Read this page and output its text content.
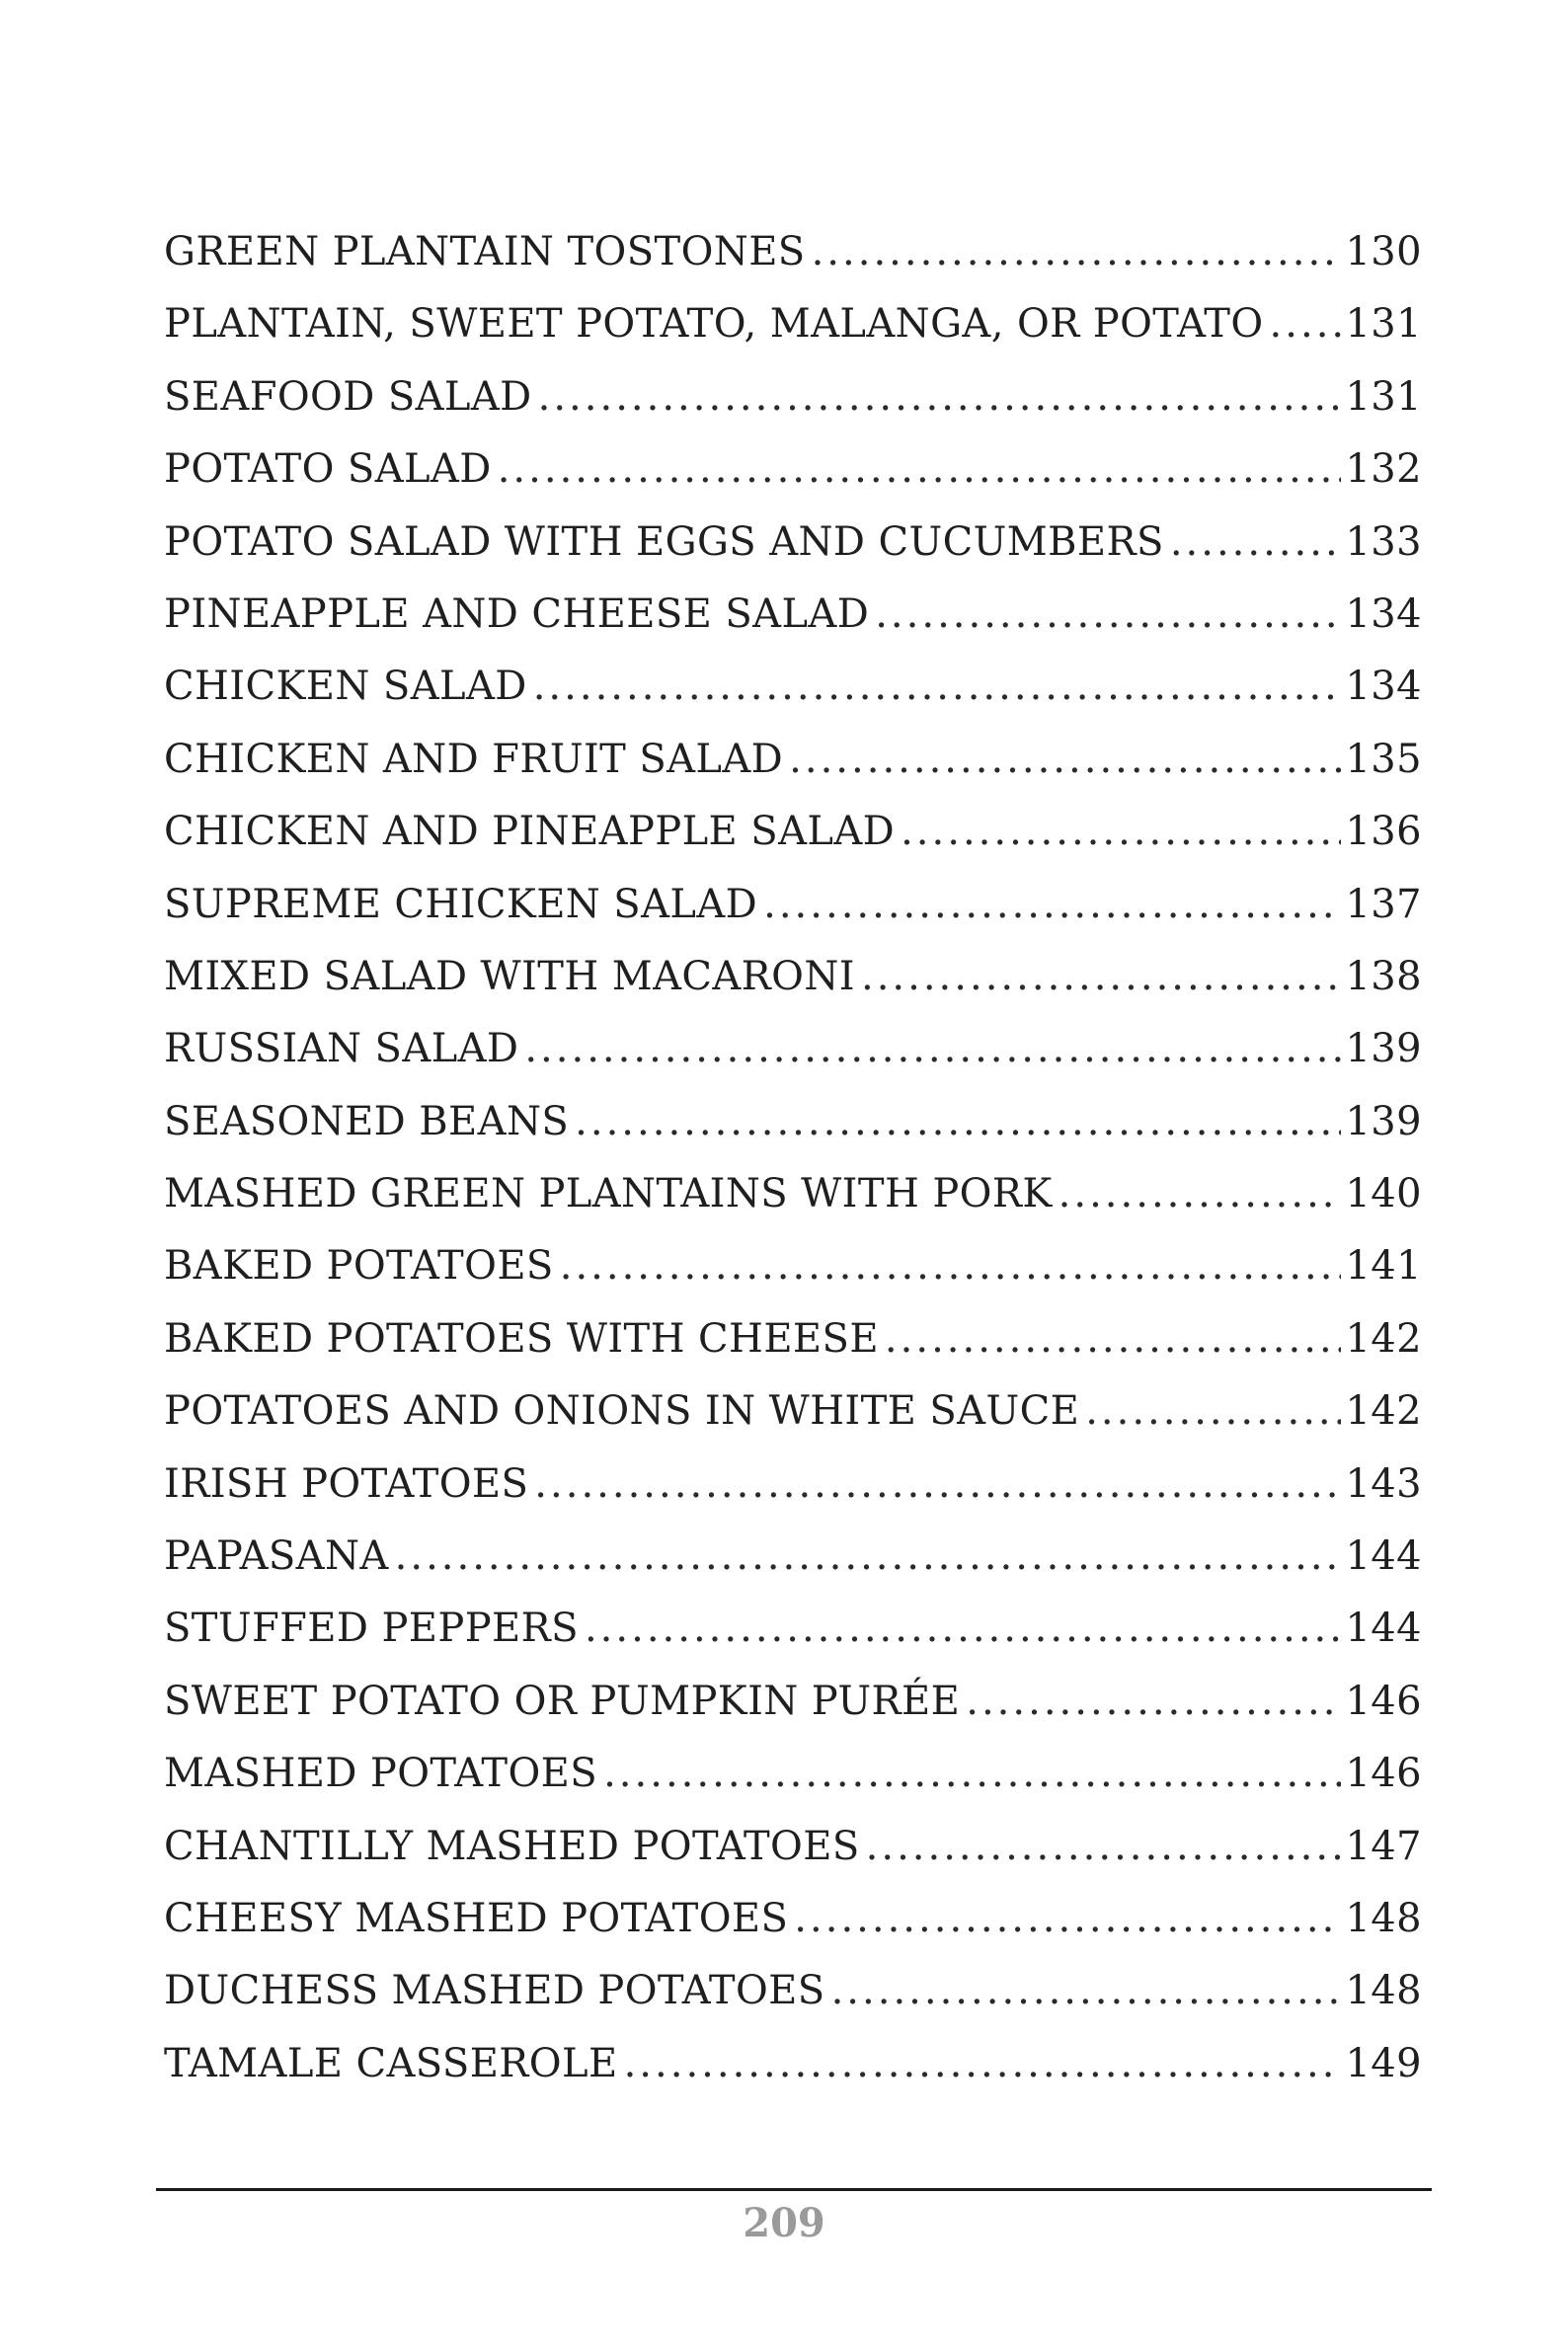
GREEN PLANTAIN TOSTONES .....	130
PLANTAIN, SWEET POTATO, MALANGA, OR POTATO ..... 131
SEAFOOD SALAD .....	131
POTATO SALAD .....	132
POTATO SALAD WITH EGGS AND CUCUMBERS .....	133
PINEAPPLE AND CHEESE SALAD .....	134
CHICKEN SALAD .....	134
CHICKEN AND FRUIT SALAD .....	135
CHICKEN AND PINEAPPLE SALAD .....	136
SUPREME CHICKEN SALAD .....	137
MIXED SALAD WITH MACARONI .....	138
RUSSIAN SALAD .....	139
SEASONED BEANS .....	139
MASHED GREEN PLANTAINS WITH PORK .....	140
BAKED POTATOES .....	141
BAKED POTATOES WITH CHEESE .....	142
POTATOES AND ONIONS IN WHITE SAUCE .....	142
IRISH POTATOES .....	143
PAPASANA .....	144
STUFFED PEPPERS .....	144
SWEET POTATO OR PUMPKIN PURÉE .....	146
MASHED POTATOES .....	146
CHANTILLY MASHED POTATOES .....	147
CHEESY MASHED POTATOES .....	148
DUCHESS MASHED POTATOES .....	148
TAMALE CASSEROLE .....	149
209
